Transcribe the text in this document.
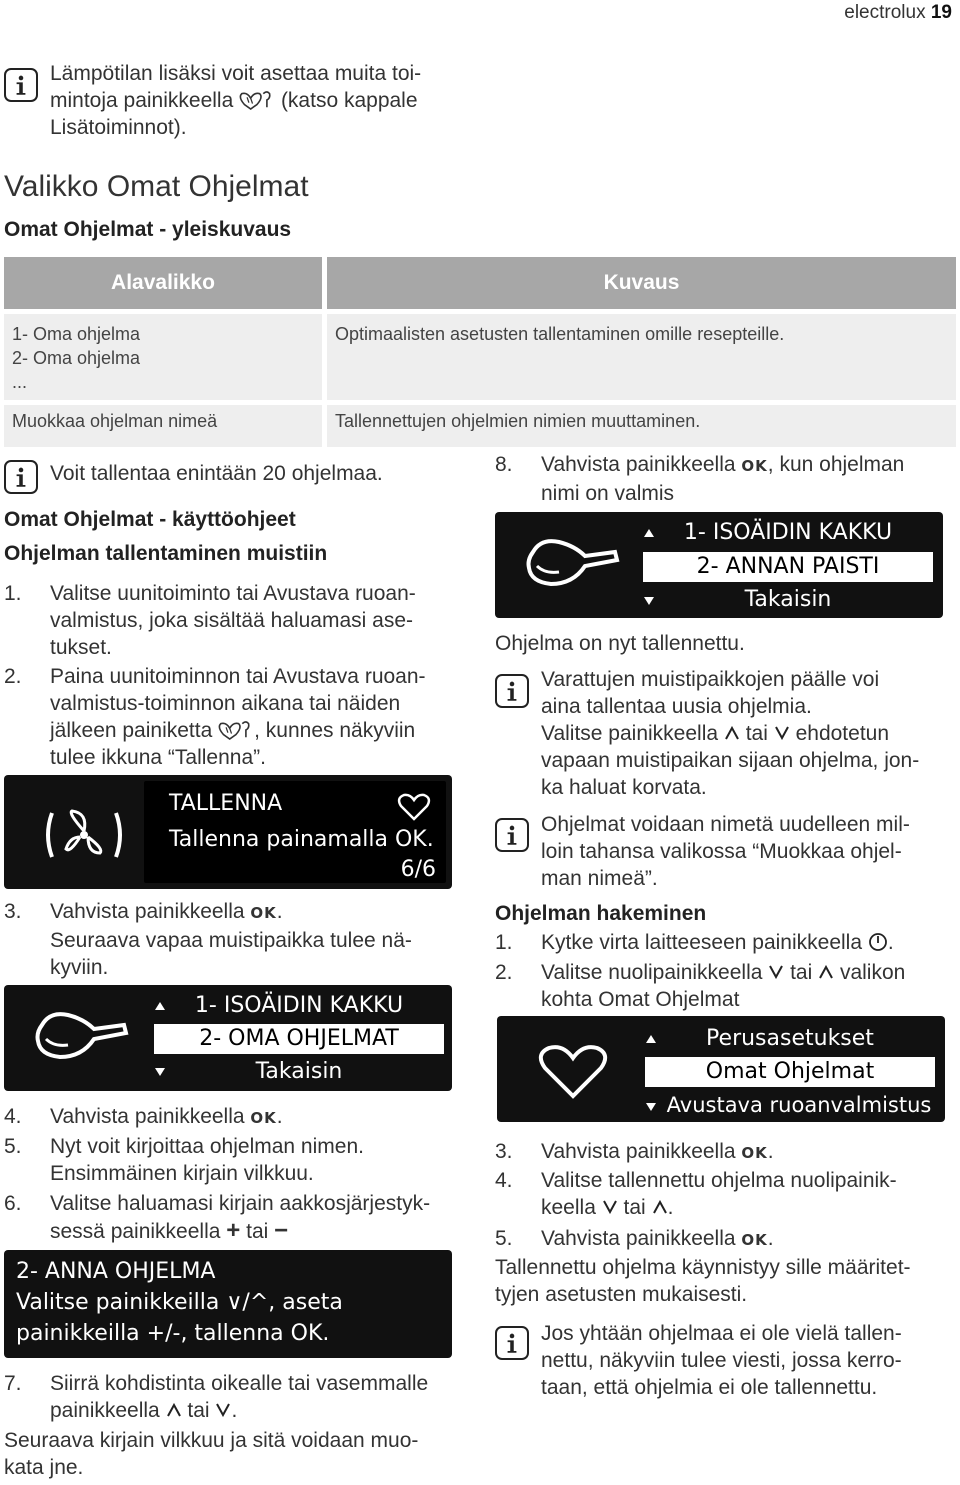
electrolux 19
Lämpötilan lisäksi voit asettaa muita toi-
mintoja painikkeella  (katso kappale
Lisätoiminnot).
Valikko Omat Ohjelmat
Omat Ohjelmat - yleiskuvaus
Alavalikko	Kuvaus

1- Oma ohjelma
2- Oma ohjelma
...	Optimaalisten asetusten tallentaminen omille resepteille.
Muokkaa ohjelman nimeä	Tallennettujen ohjelmien nimien muuttaminen.
Voit tallentaa enintään 20 ohjelmaa.
Omat Ohjelmat - käyttöohjeet
Ohjelman tallentaminen muistiin
1. Valitse uunitoiminto tai Avustava ruoan-
valmistus, joka sisältää haluamasi ase-
tukset.
2. Paina uunitoiminnon tai Avustava ruoan-
valmistus-toiminnon aikana tai näiden
jälkeen painiketta , kunnes näkyviin
tulee ikkuna “Tallenna”.
TALLENNA
Tallenna painamalla OK.
6/6
3. Vahvista painikkeella OK.
Seuraava vapaa muistipaikka tulee nä-
kyviin.
1- ISOÄIDIN KAKKU
2- OMA OHJELMAT
Takaisin
4. Vahvista painikkeella OK.
5. Nyt voit kirjoittaa ohjelman nimen.
Ensimmäinen kirjain vilkkuu.
6. Valitse haluamasi kirjain aakkosjärjestyk-
sessä painikkeella + tai −
2- ANNA OHJELMA
Valitse painikkeilla ∨/^, aseta
painikkeilla +/-, tallenna OK.
7. Siirrä kohdistinta oikealle tai vasemmalle
painikkeella  tai .
Seuraava kirjain vilkkuu ja sitä voidaan muo-
kata jne.
8. Vahvista painikkeella OK, kun ohjelman
nimi on valmis
1- ISOÄIDIN KAKKU
2- ANNAN PAISTI
Takaisin
Ohjelma on nyt tallennettu.
Varattujen muistipaikkojen päälle voi
aina tallentaa uusia ohjelmia.
Valitse painikkeella  tai  ehdotetun
vapaan muistipaikan sijaan ohjelma, jon-
ka haluat korvata.
Ohjelmat voidaan nimetä uudelleen mil-
loin tahansa valikossa “Muokkaa ohjel-
man nimeä”.
Ohjelman hakeminen
1. Kytke virta laitteeseen painikkeella .
2. Valitse nuolipainikkeella  tai  valikon
kohta Omat Ohjelmat
Perusasetukset
Omat Ohjelmat
Avustava ruoanvalmistus
3. Vahvista painikkeella OK.
4. Valitse tallennettu ohjelma nuolipainik-
keella  tai .
5. Vahvista painikkeella OK.
Tallennettu ohjelma käynnistyy sille määritet-
tyjen asetusten mukaisesti.
Jos yhtään ohjelmaa ei ole vielä tallen-
nettu, näkyviin tulee viesti, jossa kerro-
taan, että ohjelmia ei ole tallennettu.
